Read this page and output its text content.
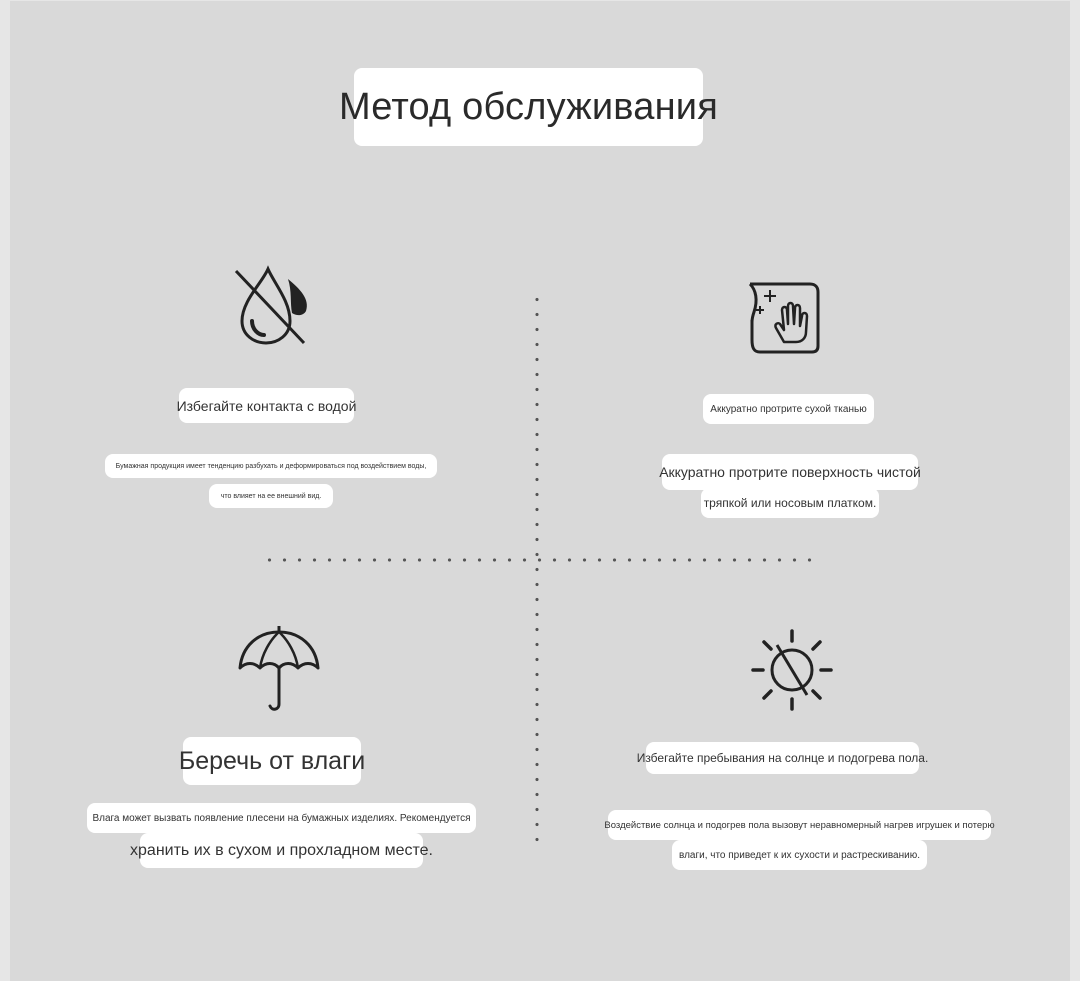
Метод обслуживания
Избегайте контакта с водой
Бумажная продукция имеет тенденцию разбухать и деформироваться под воздействием воды,
что влияет на ее внешний вид.
Аккуратно протрите сухой тканью
Аккуратно протрите поверхность чистой
тряпкой или носовым платком.
Беречь от влаги
Влага может вызвать появление плесени на бумажных изделиях. Рекомендуется
хранить их в сухом и прохладном месте.
Избегайте пребывания на солнце и подогрева пола.
Воздействие солнца и подогрев пола вызовут неравномерный нагрев игрушек и потерю
влаги, что приведет к их сухости и растрескиванию.
